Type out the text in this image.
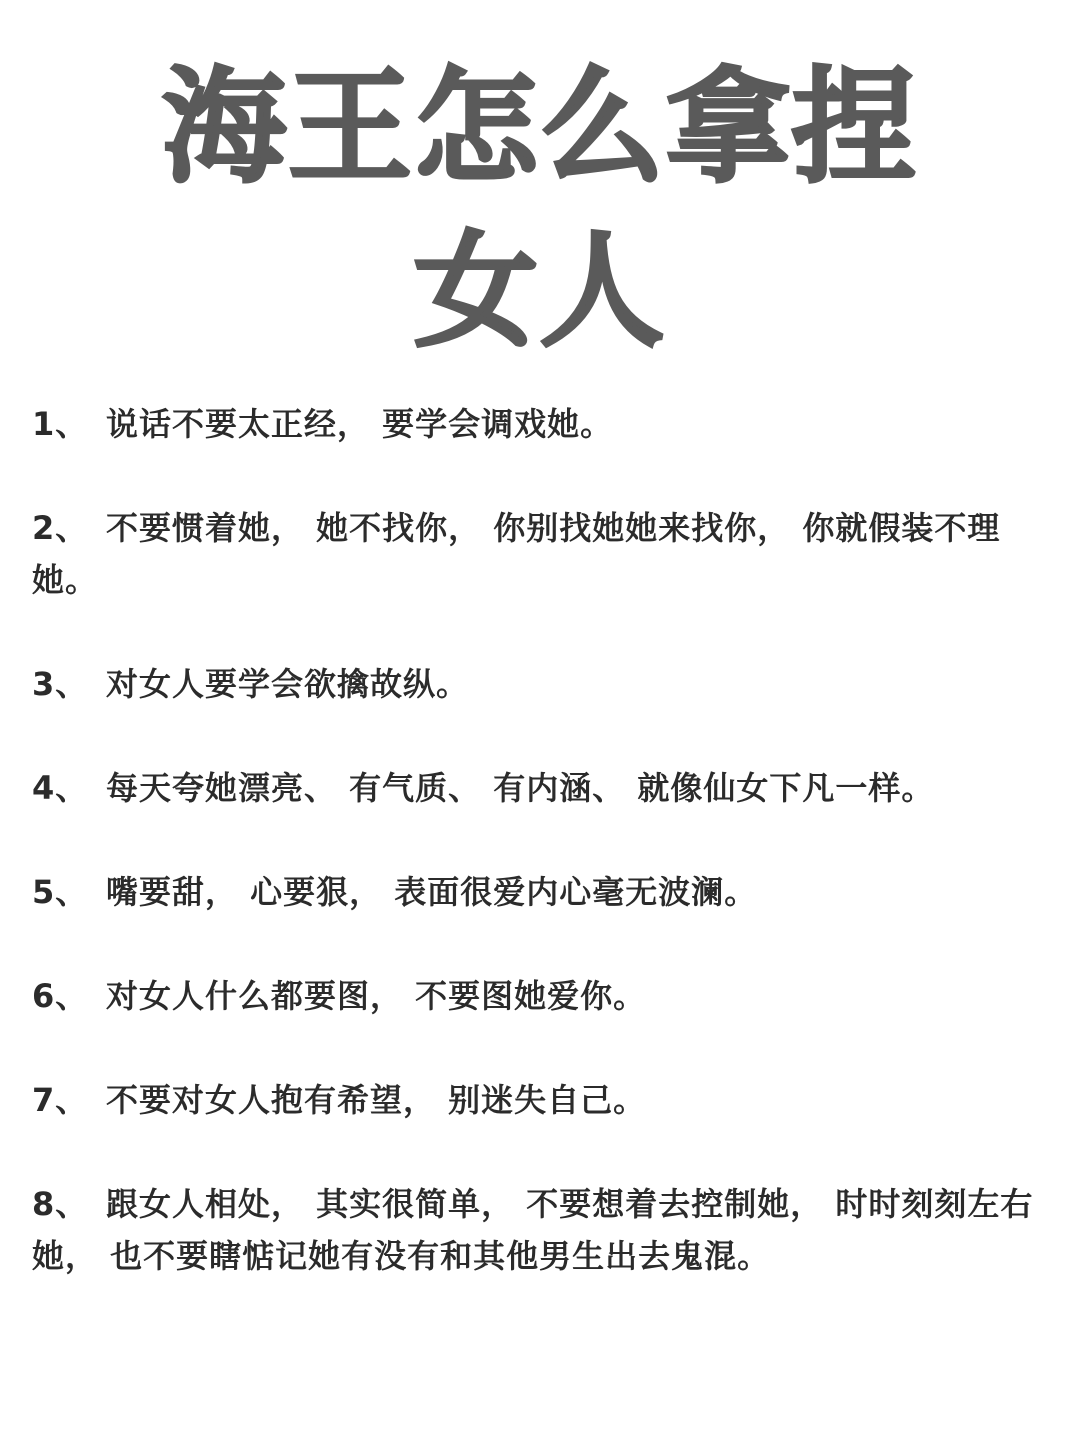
海王怎么拿捏
女人
1、 说话不要太正经， 要学会调戏她。
2、 不要惯着她， 她不找你， 你别找她她来找你， 你就假装不理她。
3、 对女人要学会欲擒故纵。
4、 每天夸她漂亮、 有气质、 有内涵、 就像仙女下凡一样。
5、 嘴要甜， 心要狠， 表面很爱内心毫无波澜。
6、 对女人什么都要图， 不要图她爱你。
7、 不要对女人抱有希望， 别迷失自己。
8、 跟女人相处， 其实很简单， 不要想着去控制她， 时时刻刻左右她， 也不要瞎惦记她有没有和其他男生出去鬼混。
